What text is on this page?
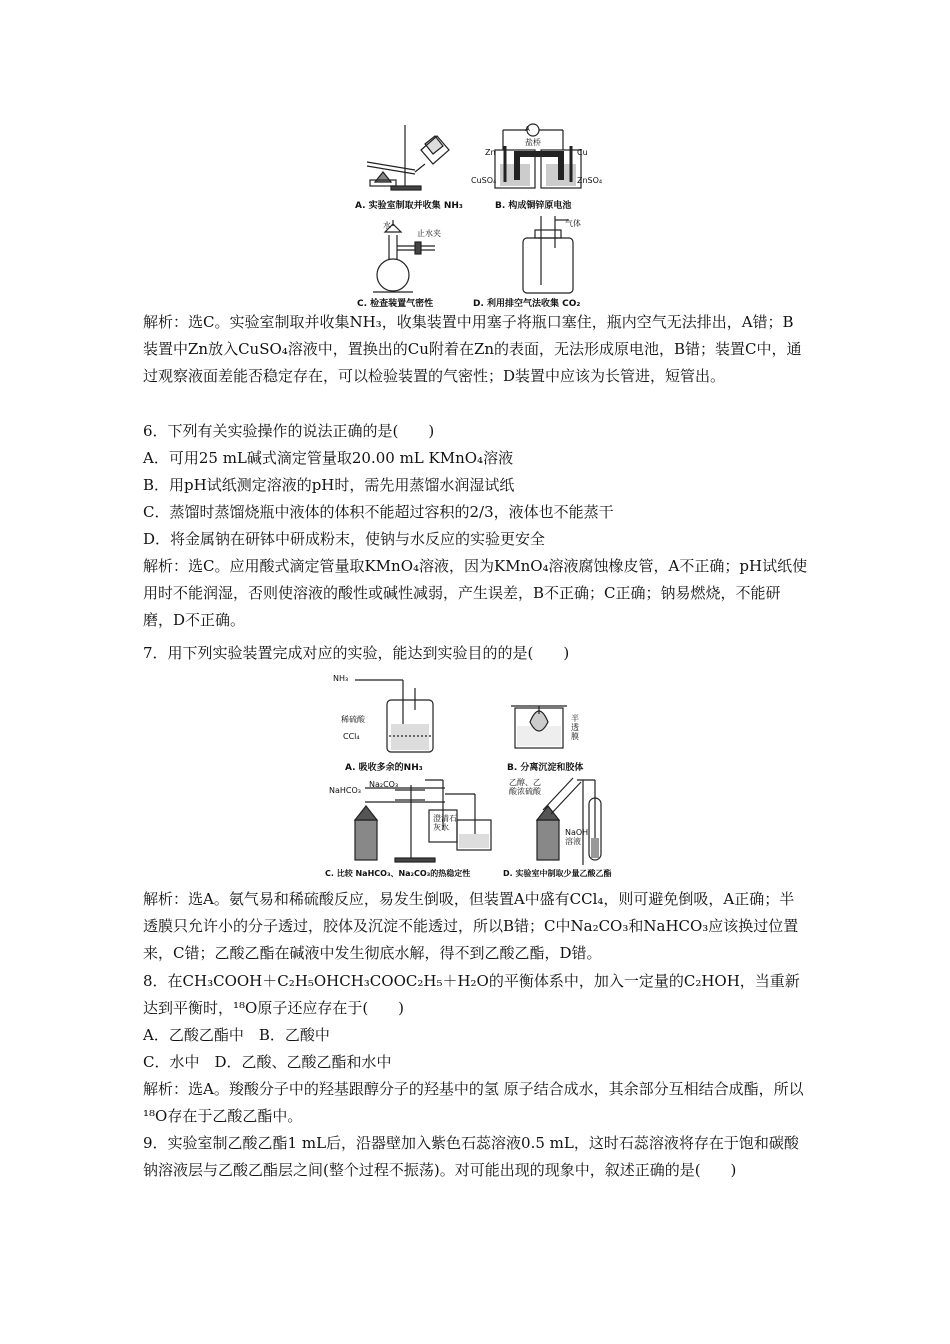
A
盐桥
Zn	Cu
CuSO₄	ZnSO₄
A. 实验室制取并收集 NH₃	B. 构成铜锌原电池
水
止水夹
气体
C. 检查装置气密性	D. 利用排空气法收集 CO₂
解析：选C。实验室制取并收集NH₃，收集装置中用塞子将瓶口塞住，瓶内空气无法排出，A错；B装置中Zn放入CuSO₄溶液中，置换出的Cu附着在Zn的表面，无法形成原电池，B错；装置C中，通过观察液面差能否稳定存在，可以检验装置的气密性；D装置中应该为长管进，短管出。
6．下列有关实验操作的说法正确的是(　　)
A．可用25 mL碱式滴定管量取20.00 mL KMnO₄溶液
B．用pH试纸测定溶液的pH时，需先用蒸馏水润湿试纸
C．蒸馏时蒸馏烧瓶中液体的体积不能超过容积的2/3，液体也不能蒸干
D．将金属钠在研钵中研成粉末，使钠与水反应的实验更安全
解析：选C。应用酸式滴定管量取KMnO₄溶液，因为KMnO₄溶液腐蚀橡皮管，A不正确；pH试纸使用时不能润湿，否则使溶液的酸性或碱性减弱，产生误差，B不正确；C正确；钠易燃烧，不能研磨，D不正确。
7．用下列实验装置完成对应的实验，能达到实验目的的是(　　)
NH₃
稀硫酸
CCl₄
半透膜
A. 吸收多余的NH₃	B. 分离沉淀和胶体
NaHCO₃
Na₂CO₃
澄清石灰水
乙醇、乙酸浓硫酸
NaOH溶液
C. 比较 NaHCO₃、Na₂CO₃的热稳定性	D. 实验室中制取少量乙酸乙酯
解析：选A。氨气易和稀硫酸反应，易发生倒吸，但装置A中盛有CCl₄，则可避免倒吸，A正确；半透膜只允许小的分子透过，胶体及沉淀不能透过，所以B错；C中Na₂CO₃和NaHCO₃应该换过位置来，C错；乙酸乙酯在碱液中发生彻底水解，得不到乙酸乙酯，D错。
8．在CH₃COOH＋C₂H₅OHCH₃COOC₂H₅＋H₂O的平衡体系中，加入一定量的C₂HOH，当重新达到平衡时，¹⁸O原子还应存在于(　　)
A．乙酸乙酯中　B．乙酸中
C．水中　D．乙酸、乙酸乙酯和水中
解析：选A。羧酸分子中的羟基跟醇分子的羟基中的氢 原子结合成水，其余部分互相结合成酯，所以¹⁸O存在于乙酸乙酯中。
9．实验室制乙酸乙酯1 mL后，沿器壁加入紫色石蕊溶液0.5 mL，这时石蕊溶液将存在于饱和碳酸钠溶液层与乙酸乙酯层之间(整个过程不振荡)。对可能出现的现象中，叙述正确的是(　　)
